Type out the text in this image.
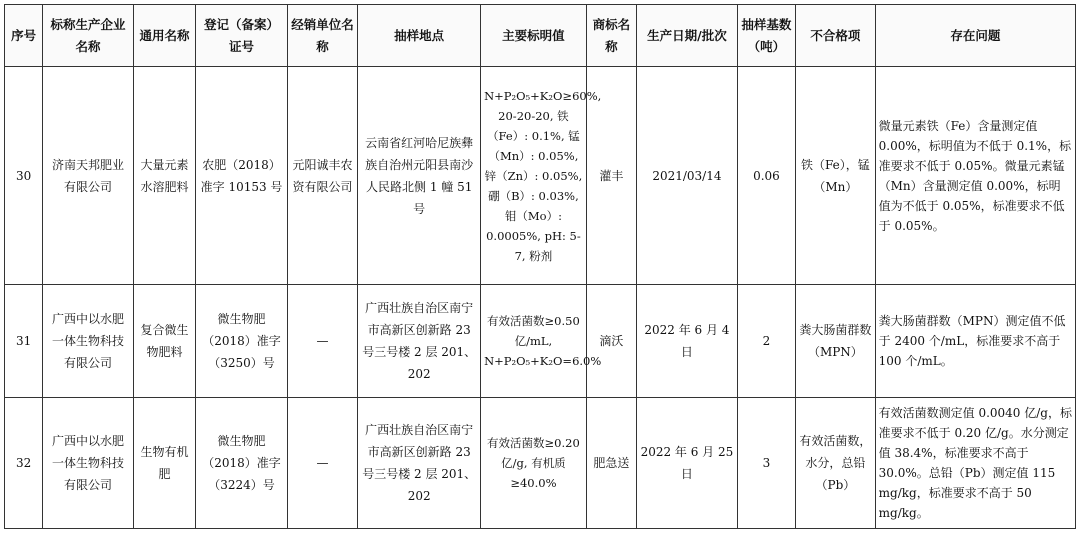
序号	标称生产企业名称	通用名称	登记（备案）证号	经销单位名称	抽样地点	主要标明值	商标名称	生产日期/批次	抽样基数（吨）	不合格项	存在问题
30	济南天邦肥业有限公司	大量元素水溶肥料	农肥（2018）准字 10153 号	元阳诚丰农资有限公司	云南省红河哈尼族彝族自治州元阳县南沙人民路北侧 1 幢 51 号	N+P₂O₅+K₂O≥60%, 20-20-20, 铁（Fe）: 0.1%, 锰（Mn）: 0.05%, 锌（Zn）: 0.05%, 硼（B）: 0.03%, 钼（Mo）: 0.0005%, pH: 5-7, 粉剂	灌丰	2021/03/14	0.06	铁（Fe），锰（Mn）	微量元素铁（Fe）含量测定值 0.00%，标明值为不低于 0.1%，标准要求不低于 0.05%。微量元素锰（Mn）含量测定值 0.00%，标明值为不低于 0.05%，标准要求不低于 0.05%。
31	广西中以水肥一体生物科技有限公司	复合微生物肥料	微生物肥（2018）准字（3250）号	—	广西壮族自治区南宁市高新区创新路 23 号三号楼 2 层 201、202	有效活菌数≥0.50 亿/mL, N+P₂O₅+K₂O=6.0%	滴沃	2022 年 6 月 4 日	2	粪大肠菌群数（MPN）	粪大肠菌群数（MPN）测定值不低于 2400 个/mL，标准要求不高于 100 个/mL。
32	广西中以水肥一体生物科技有限公司	生物有机肥	微生物肥（2018）准字（3224）号	—	广西壮族自治区南宁市高新区创新路 23 号三号楼 2 层 201、202	有效活菌数≥0.20 亿/g, 有机质≥40.0%	肥急送	2022 年 6 月 25 日	3	有效活菌数，水分，总铅（Pb）	有效活菌数测定值 0.0040 亿/g，标准要求不低于 0.20 亿/g。水分测定值 38.4%，标准要求不高于 30.0%。总铅（Pb）测定值 115 mg/kg，标准要求不高于 50 mg/kg。
